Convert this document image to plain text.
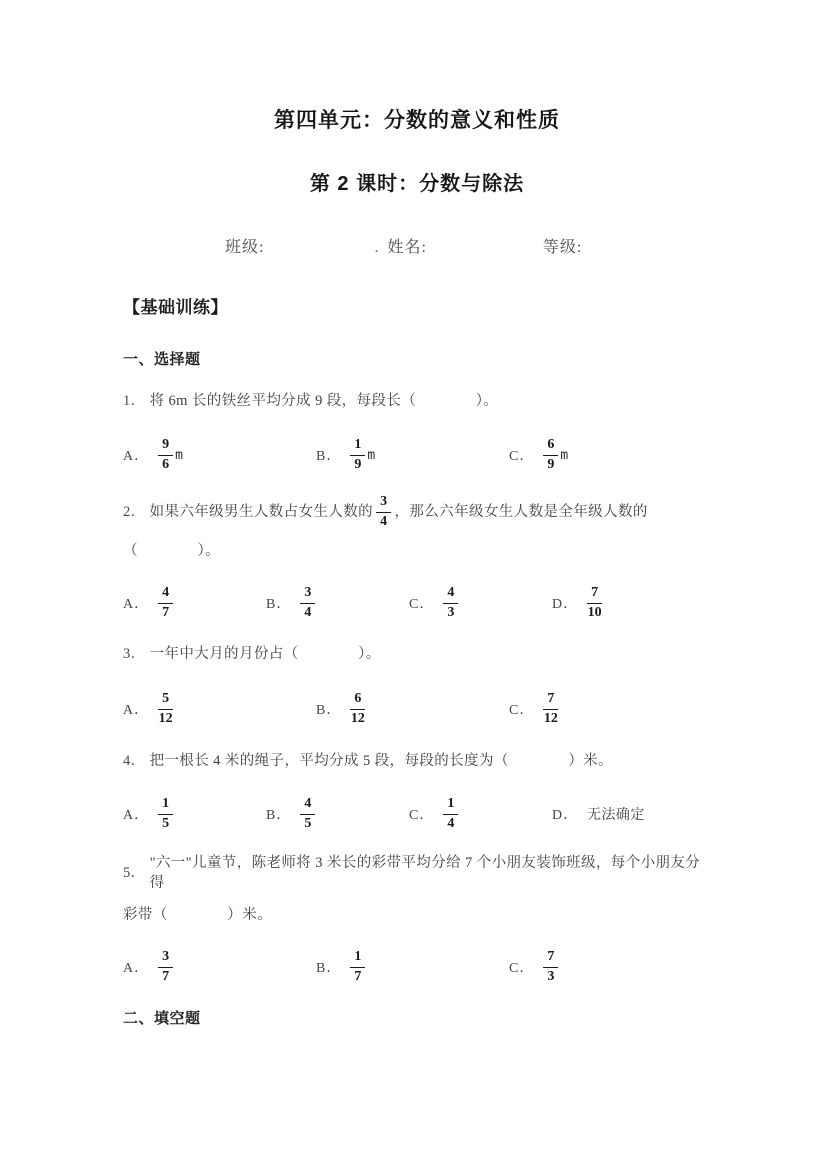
第四单元：分数的意义和性质
第 2 课时：分数与除法
班级:	. 姓名:	等级:
【基础训练】
一、选择题

1． 将 6m 长的铁丝平均分成 9 段，每段长（　　　　）。

A． $\frac{9}{6}$ m	B． $\frac{1}{9}$ m	C． $\frac{6}{9}$ m
2． 如果六年级男生人数占女生人数的 $\frac{3}{4}$ ，那么六年级女生人数是全年级人数的

（　　　　）。

A． $\frac{4}{7}$	B． $\frac{3}{4}$	C． $\frac{4}{3}$	D． $\frac{7}{10}$

3． 一年中大月的月份占（　　　　）。

A． $\frac{5}{12}$	B． $\frac{6}{12}$	C． $\frac{7}{12}$

4． 把一根长 4 米的绳子，平均分成 5 段，每段的长度为（　　　　）米。

A． $\frac{1}{5}$	B． $\frac{4}{5}$	C． $\frac{1}{4}$	D． 无法确定

5．
"六一"儿童节，陈老师将 3 米长的彩带平均分给 7 个小朋友装饰班级，每个小朋友分得

彩带（　　　　）米。

A． $\frac{3}{7}$	B． $\frac{1}{7}$	C． $\frac{7}{3}$
二、填空题
